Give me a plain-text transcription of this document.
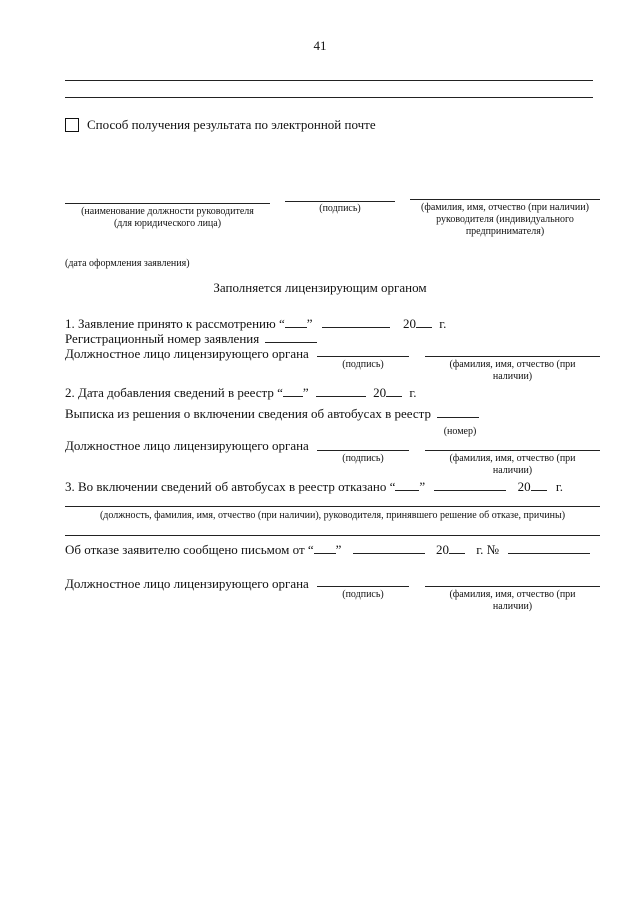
41
Способ получения результата по электронной почте
(наименование должности руководителя
(для юридического лица)
(подпись)	(фамилия, имя, отчество (при наличии)
руководителя (индивидуального
предпринимателя)
(дата оформления заявления)
Заполняется лицензирующим органом
1. Заявление принято к рассмотрению “ ”	20 г.
Регистрационный номер заявления
Должностное лицо лицензирующего органа
(подпись)	(фамилия, имя, отчество (при
наличии)
2. Дата добавления сведений в реестр “ ”	20 г.
Выписка из решения о включении сведения об автобусах в реестр
(номер)
Должностное лицо лицензирующего органа
(подпись)	(фамилия, имя, отчество (при
наличии)
3. Во включении сведений об автобусах в реестр отказано “ ”	20 г.
(должность, фамилия, имя, отчество (при наличии), руководителя, принявшего решение об отказе, причины)
Об отказе заявителю сообщено письмом от “ ”	20 г. №
Должностное лицо лицензирующего органа
(подпись)	(фамилия, имя, отчество (при
наличии)
